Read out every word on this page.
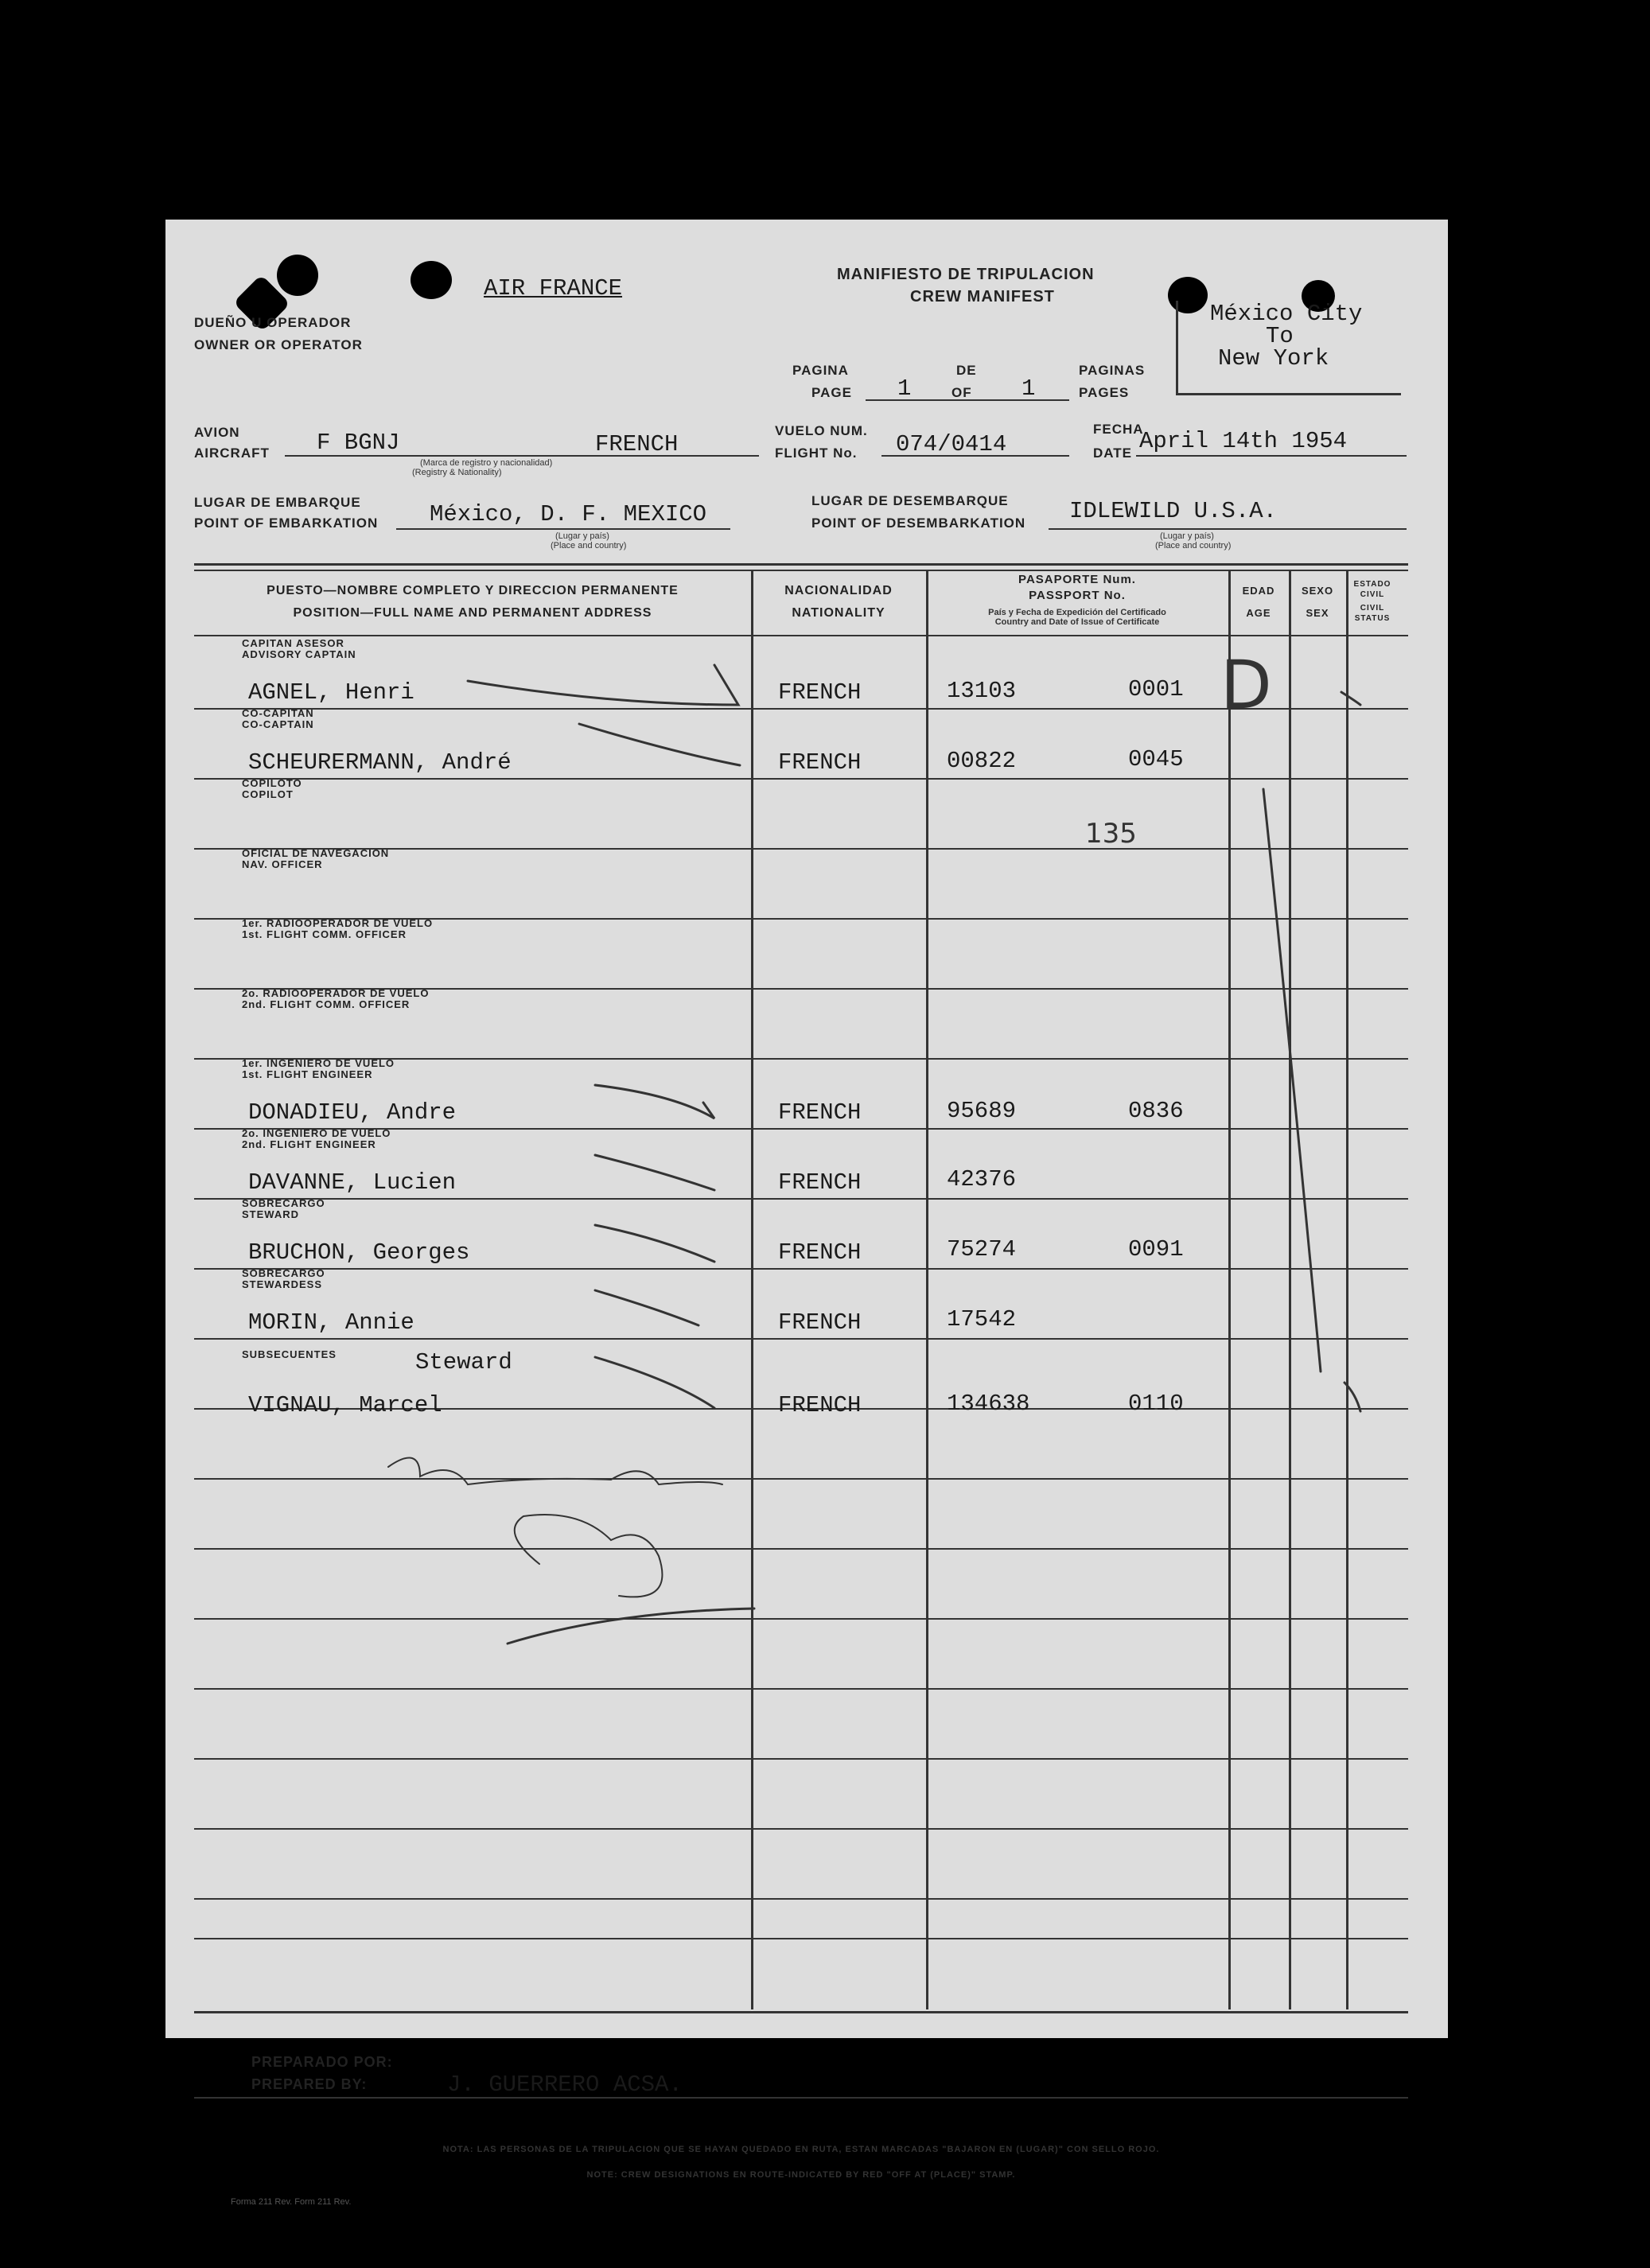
AIR FRANCE
DUEÑO U OPERADOR
OWNER OR OPERATOR
MANIFIESTO DE TRIPULACION
CREW MANIFEST
México City
To
New York
PAGINA	DE	PAGINAS
PAGE 1	OF 1	PAGES
AVION
AIRCRAFT F BGNJ	FRENCH
(Marca de registro y nacionalidad)
(Registry & Nationality)
VUELO NUM.
FLIGHT No. 074/0414
FECHA
DATE April 14th 1954
LUGAR DE EMBARQUE
POINT OF EMBARKATION México, D. F. MEXICO
(Lugar y país)
(Place and country)
LUGAR DE DESEMBARQUE
POINT OF DESEMBARKATION IDLEWILD U.S.A.
(Lugar y país)
(Place and country)
PUESTO—NOMBRE COMPLETO Y DIRECCION PERMANENTE
POSITION—FULL NAME AND PERMANENT ADDRESS
NACIONALIDAD
NATIONALITY
PASAPORTE Num.
PASSPORT No.
País y Fecha de Expedición del Certificado
Country and Date of Issue of Certificate
EDAD
AGE
SEXO
SEX
ESTADO CIVIL
CIVIL STATUS
CAPITAN ASESOR
ADVISORY CAPTAIN
AGNEL, Henri	FRENCH	13103	0001
CO-CAPITAN
CO-CAPTAIN
SCHEURERMANN, André	FRENCH	00822	0045
COPILOTO
COPILOT
135
OFICIAL DE NAVEGACION
NAV. OFFICER
1er. RADIOOPERADOR DE VUELO
1st. FLIGHT COMM. OFFICER
2o. RADIOOPERADOR DE VUELO
2nd. FLIGHT COMM. OFFICER
1er. INGENIERO DE VUELO
1st. FLIGHT ENGINEER
DONADIEU, Andre	FRENCH	95689	0836
2o. INGENIERO DE VUELO
2nd. FLIGHT ENGINEER
DAVANNE, Lucien	FRENCH	42376
SOBRECARGO
STEWARD
BRUCHON, Georges	FRENCH	75274	0091
SOBRECARGO
STEWARDESS
MORIN, Annie	FRENCH	17542
SUBSECUENTES	Steward
VIGNAU, Marcel	FRENCH	134638	0110
D
PREPARADO POR:
PREPARED BY:	J. GUERRERO ACSA.
NOTA: LAS PERSONAS DE LA TRIPULACION QUE SE HAYAN QUEDADO EN RUTA, ESTAN MARCADAS "BAJARON EN (LUGAR)" CON SELLO ROJO.
NOTE: CREW DESIGNATIONS EN ROUTE-INDICATED BY RED "OFF AT (PLACE)" STAMP.
Forma 211 Rev. Form 211 Rev.
